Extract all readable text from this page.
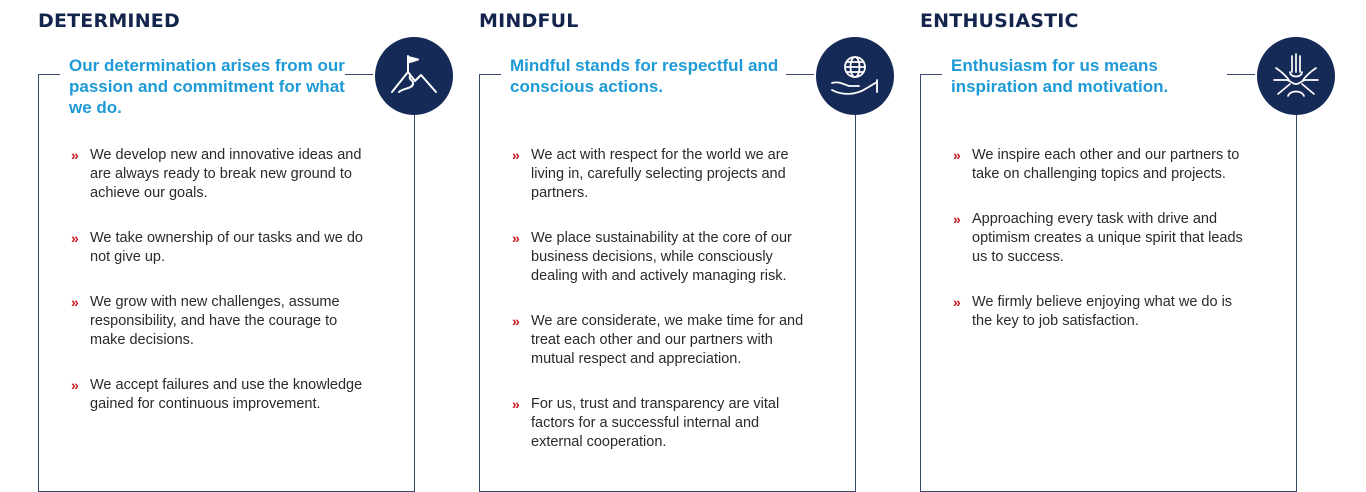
DETERMINED

Our determination arises from our passion and commitment for what we do.

» We develop new and innovative ideas and are always ready to break new ground to achieve our goals.
» We take ownership of our tasks and we do not give up.
» We grow with new challenges, assume responsibility, and have the courage to make decisions.
» We accept failures and use the knowledge gained for continuous improvement.
MINDFUL

Mindful stands for respectful and conscious actions.

» We act with respect for the world we are living in, carefully selecting projects and partners.
» We place sustainability at the core of our business decisions, while consciously dealing with and actively managing risk.
» We are considerate, we make time for and treat each other and our partners with mutual respect and appreciation.
» For us, trust and transparency are vital factors for a successful internal and external cooperation.
ENTHUSIASTIC

Enthusiasm for us means inspiration and motivation.

» We inspire each other and our partners to take on challenging topics and projects.
» Approaching every task with drive and optimism creates a unique spirit that leads us to success.
» We firmly believe enjoying what we do is the key to job satisfaction.
